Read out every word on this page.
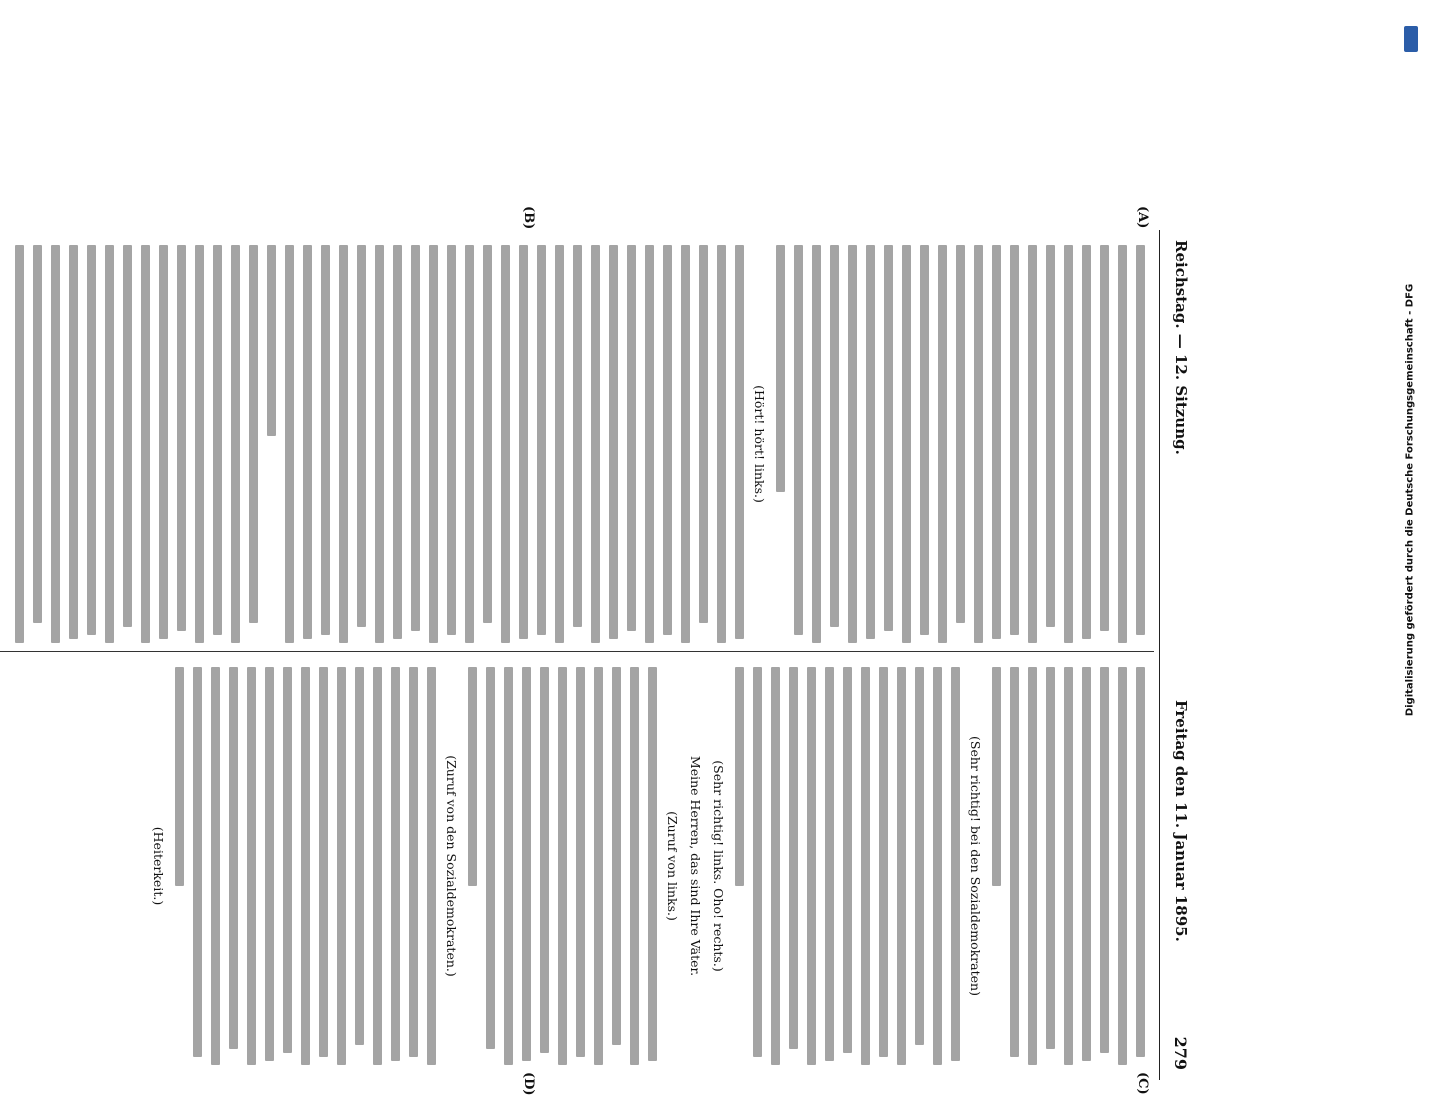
Reichstag. — 12. Sitzung.
Freitag den 11. Januar 1895.
279
(A)
(B)
(C)
(D)
(Hört! hört! links.)
(Sehr richtig! bei den Sozialdemokraten)
(Sehr richtig! links. Oho! rechts.)
Meine Herren, das sind Ihre Väter.
(Zuruf von links.)
(Zuruf von den Sozialdemokraten.)
(Heiterkeit.)
Digitalisierung gefördert durch die Deutsche Forschungsgemeinschaft - DFG
